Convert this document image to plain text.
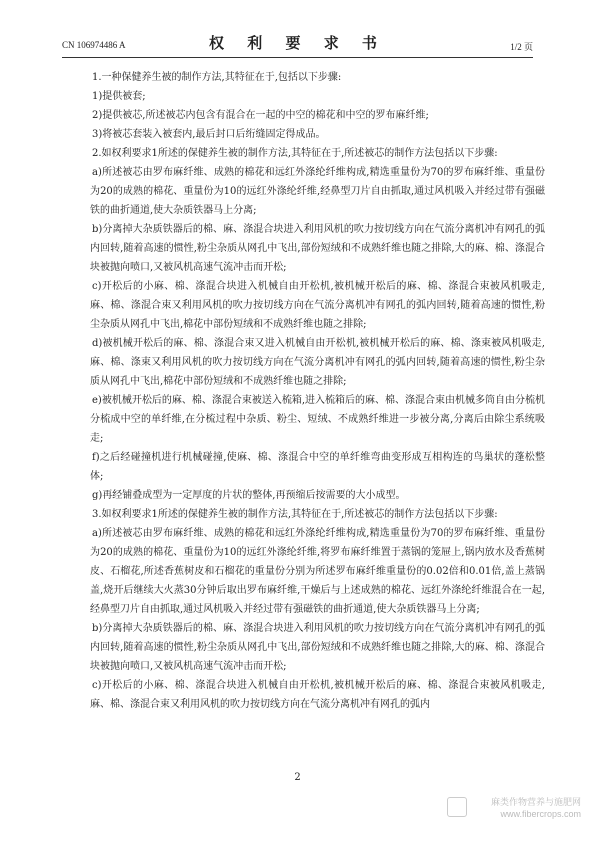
CN 106974486 A	权 利 要 求 书	1/2 页

1.一种保健养生被的制作方法,其特征在于,包括以下步骤:

1)提供被套;

2)提供被芯,所述被芯内包含有混合在一起的中空的棉花和中空的罗布麻纤维;

3)将被芯套装入被套内,最后封口后绗缝固定得成品。

2.如权利要求1所述的保健养生被的制作方法,其特征在于,所述被芯的制作方法包括以下步骤:

a)所述被芯由罗布麻纤维、成熟的棉花和远红外涤纶纤维构成,精选重量份为70的罗布麻纤维、重量份为20的成熟的棉花、重量份为10的远红外涤纶纤维,经鼻型刀片自由抓取,通过风机吸入并经过带有强磁铁的曲折通道,使大杂质铁器马上分离;

b)分离掉大杂质铁器后的棉、麻、涤混合块进入利用风机的吹力按切线方向在气流分离机冲有网孔的弧内回转,随着高速的惯性,粉尘杂质从网孔中飞出,部份短绒和不成熟纤维也随之排除,大的麻、棉、涤混合块被抛向喷口,又被风机高速气流冲击而开松;

c)开松后的小麻、棉、涤混合块进入机械自由开松机,被机械开松后的麻、棉、涤混合束被风机吸走,麻、棉、涤混合束又利用风机的吹力按切线方向在气流分离机冲有网孔的弧内回转,随着高速的惯性,粉尘杂质从网孔中飞出,棉花中部份短绒和不成熟纤维也随之排除;

d)被机械开松后的麻、棉、涤混合束又进入机械自由开松机,被机械开松后的麻、棉、涤束被风机吸走,麻、棉、涤束又利用风机的吹力按切线方向在气流分离机冲有网孔的弧内回转,随着高速的惯性,粉尘杂质从网孔中飞出,棉花中部份短绒和不成熟纤维也随之排除;

e)被机械开松后的麻、棉、涤混合束被送入梳箱,进入梳箱后的麻、棉、涤混合束由机械多筒自由分梳机分梳成中空的单纤维,在分梳过程中杂质、粉尘、短绒、不成熟纤维进一步被分离,分离后由除尘系统吸走;

f)之后经碰撞机进行机械碰撞,使麻、棉、涤混合中空的单纤维弯曲变形成互相构连的鸟巢状的蓬松整体;

g)再经铺叠成型为一定厚度的片状的整体,再预缩后按需要的大小成型。

3.如权利要求1所述的保健养生被的制作方法,其特征在于,所述被芯的制作方法包括以下步骤:

a)所述被芯由罗布麻纤维、成熟的棉花和远红外涤纶纤维构成,精选重量份为70的罗布麻纤维、重量份为20的成熟的棉花、重量份为10的远红外涤纶纤维,将罗布麻纤维置于蒸锅的笼屉上,锅内放水及香蕉树皮、石榴花,所述香蕉树皮和石榴花的重量份分别为所述罗布麻纤维重量份的0.02倍和0.01倍,盖上蒸锅盖,烧开后继续大火蒸30分钟后取出罗布麻纤维,干燥后与上述成熟的棉花、远红外涤纶纤维混合在一起,经鼻型刀片自由抓取,通过风机吸入并经过带有强磁铁的曲折通道,使大杂质铁器马上分离;

b)分离掉大杂质铁器后的棉、麻、涤混合块进入利用风机的吹力按切线方向在气流分离机冲有网孔的弧内回转,随着高速的惯性,粉尘杂质从网孔中飞出,部份短绒和不成熟纤维也随之排除,大的麻、棉、涤混合块被抛向喷口,又被风机高速气流冲击而开松;

c)开松后的小麻、棉、涤混合块进入机械自由开松机,被机械开松后的麻、棉、涤混合束被风机吸走,麻、棉、涤混合束又利用风机的吹力按切线方向在气流分离机冲有网孔的弧内

2
麻类作物营养与施肥网
www.fibercrops.com
